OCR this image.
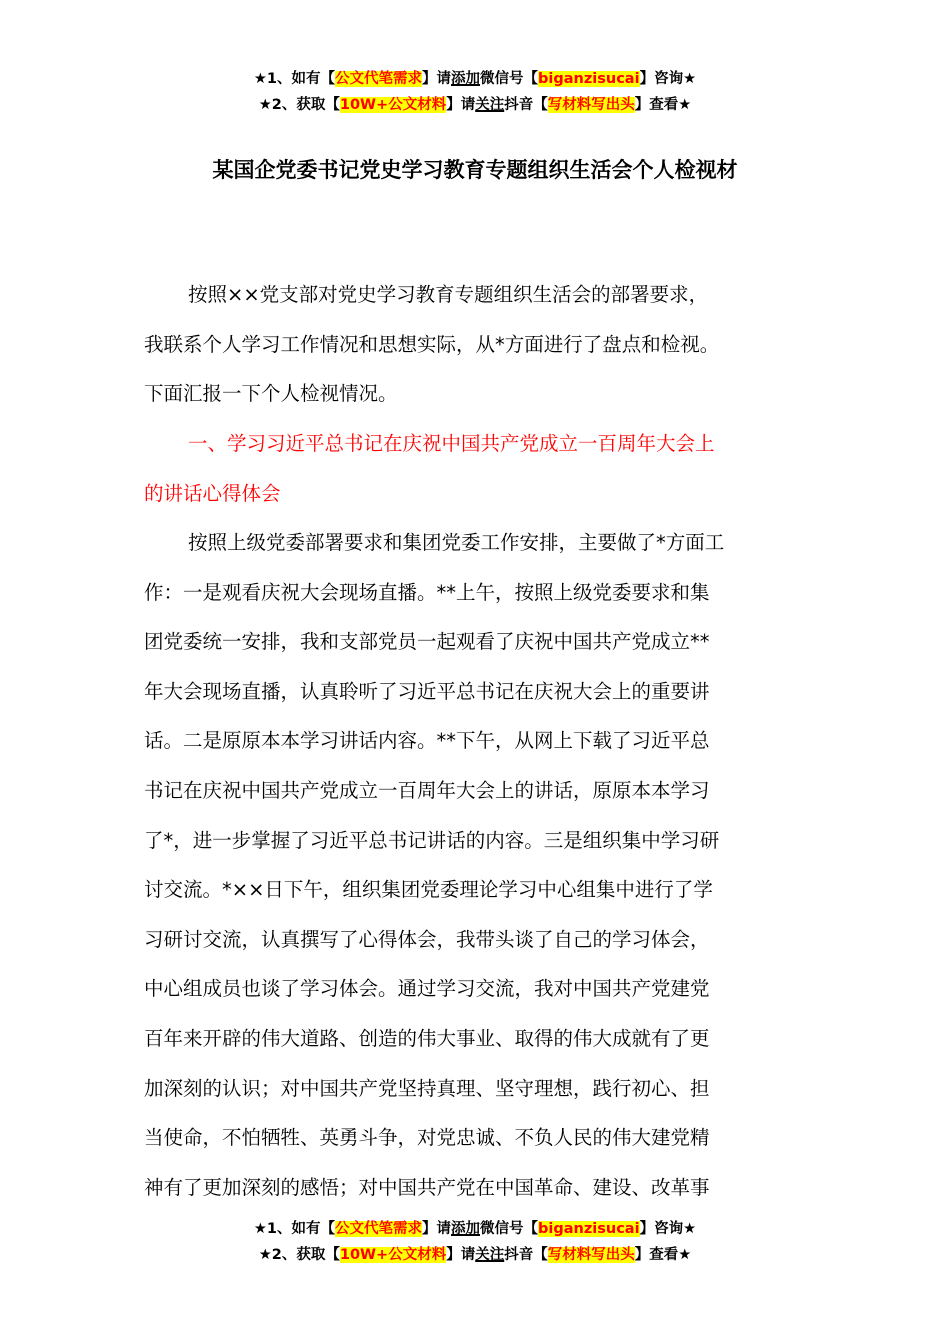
★1、如有【公文代笔需求】请添加微信号【biganzisucai】咨询★
★2、获取【10W+公文材料】请关注抖音【写材料写出头】查看★
某国企党委书记党史学习教育专题组织生活会个人检视材
按照××党支部对党史学习教育专题组织生活会的部署要求，
我联系个人学习工作情况和思想实际，从*方面进行了盘点和检视。
下面汇报一下个人检视情况。
一、学习习近平总书记在庆祝中国共产党成立一百周年大会上
的讲话心得体会
按照上级党委部署要求和集团党委工作安排，主要做了*方面工
作：一是观看庆祝大会现场直播。**上午，按照上级党委要求和集
团党委统一安排，我和支部党员一起观看了庆祝中国共产党成立**
年大会现场直播，认真聆听了习近平总书记在庆祝大会上的重要讲
话。二是原原本本学习讲话内容。**下午，从网上下载了习近平总
书记在庆祝中国共产党成立一百周年大会上的讲话，原原本本学习
了*，进一步掌握了习近平总书记讲话的内容。三是组织集中学习研
讨交流。*××日下午，组织集团党委理论学习中心组集中进行了学
习研讨交流，认真撰写了心得体会，我带头谈了自己的学习体会，
中心组成员也谈了学习体会。通过学习交流，我对中国共产党建党
百年来开辟的伟大道路、创造的伟大事业、取得的伟大成就有了更
加深刻的认识；对中国共产党坚持真理、坚守理想，践行初心、担
当使命，不怕牺牲、英勇斗争，对党忠诚、不负人民的伟大建党精
神有了更加深刻的感悟；对中国共产党在中国革命、建设、改革事
★1、如有【公文代笔需求】请添加微信号【biganzisucai】咨询★
★2、获取【10W+公文材料】请关注抖音【写材料写出头】查看★
